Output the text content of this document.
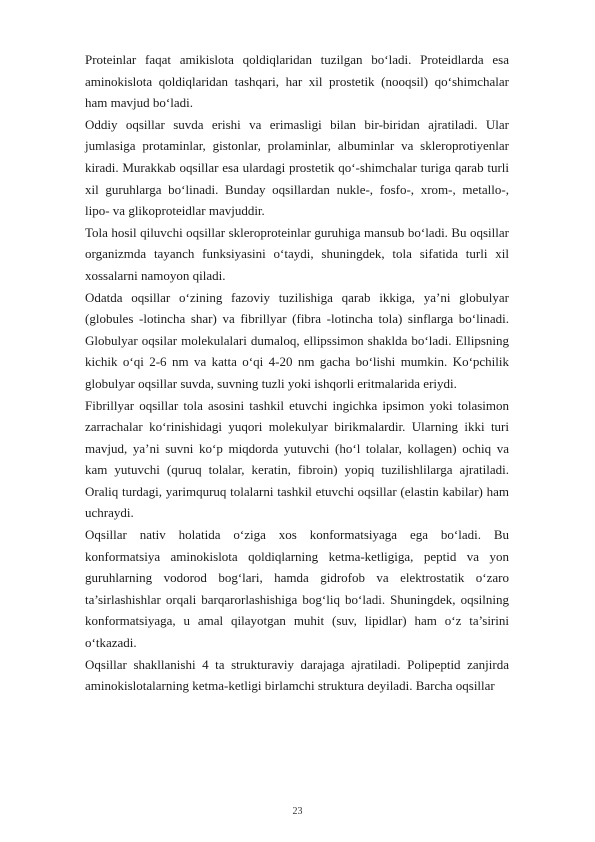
Proteinlar faqat amikislota qoldiqlaridan tuzilgan bo‘ladi. Proteidlarda esa aminokislota qoldiqlaridan tashqari, har xil prostetik (nooqsil) qo‘shimchalar ham mavjud bo‘ladi.

Oddiy oqsillar suvda erishi va erimasligi bilan bir-biridan ajratiladi. Ular jumlasiga protaminlar, gistonlar, prolaminlar, albuminlar va skleroprotiyenlar kiradi. Murakkab oqsillar esa ulardagi prostetik qo‘-shimchalar turiga qarab turli xil guruhlarga bo‘linadi. Bunday oqsillardan nukle-, fosfo-, xrom-, metallo-, lipo- va glikoproteidlar mavjuddir.

Tola hosil qiluvchi oqsillar skleroproteinlar guruhiga mansub bo‘ladi. Bu oqsillar organizmda tayanch funksiyasini o‘taydi, shuningdek, tola sifatida turli xil xossalarni namoyon qiladi.

Odatda oqsillar o‘zining fazoviy tuzilishiga qarab ikkiga, ya’ni globulyar (globules -lotincha shar) va fibrillyar (fibra -lotincha tola) sinflarga bo‘linadi. Globulyar oqsilar molekulalari dumaloq, ellipssimon shaklda bo‘ladi. Ellipsning kichik o‘qi 2-6 nm va katta o‘qi 4-20 nm gacha bo‘lishi mumkin. Ko‘pchilik globulyar oqsillar suvda, suvning tuzli yoki ishqorli eritmalarida eriydi.

Fibrillyar oqsillar tola asosini tashkil etuvchi ingichka ipsimon yoki tolasimon zarrachalar ko‘rinishidagi yuqori molekulyar birikmalardir. Ularning ikki turi mavjud, ya’ni suvni ko‘p miqdorda yutuvchi (ho‘l tolalar, kollagen) ochiq va kam yutuvchi (quruq tolalar, keratin, fibroin) yopiq tuzilishlilarga ajratiladi. Oraliq turdagi, yarimquruq tolalarni tashkil etuvchi oqsillar (elastin kabilar) ham uchraydi.

Oqsillar nativ holatida o‘ziga xos konformatsiyaga ega bo‘ladi. Bu konformatsiya aminokislota qoldiqlarning ketma-ketligiga, peptid va yon guruhlarning vodorod bog‘lari, hamda gidrofob va elektrostatik o‘zaro ta’sirlashishlar orqali barqarorlashishiga bog‘liq bo‘ladi. Shuningdek, oqsilning konformatsiyaga, u amal qilayotgan muhit (suv, lipidlar) ham o‘z ta’sirini o‘tkazadi.

Oqsillar shakllanishi 4 ta strukturaviy darajaga ajratiladi. Polipeptid zanjirda aminokislotalarning ketma-ketligi birlamchi struktura deyiladi. Barcha oqsillar

23
